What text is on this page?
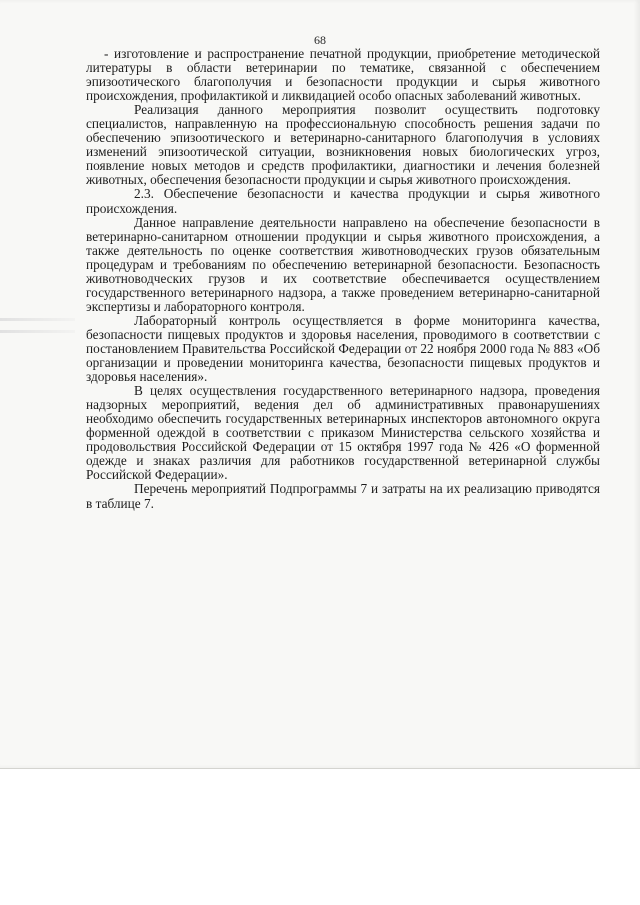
68

- изготовление и распространение печатной продукции, приобретение методической литературы в области ветеринарии по тематике, связанной с обеспечением эпизоотического благополучия и безопасности продукции и сырья животного происхождения, профилактикой и ликвидацией особо опасных заболеваний животных.

Реализация данного мероприятия позволит осуществить подготовку специалистов, направленную на профессиональную способность решения задачи по обеспечению эпизоотического и ветеринарно-санитарного благополучия в условиях изменений эпизоотической ситуации, возникновения новых биологических угроз, появление новых методов и средств профилактики, диагностики и лечения болезней животных, обеспечения безопасности продукции и сырья животного происхождения.

2.3. Обеспечение безопасности и качества продукции и сырья животного происхождения.

Данное направление деятельности направлено на обеспечение безопасности в ветеринарно-санитарном отношении продукции и сырья животного происхождения, а также деятельность по оценке соответствия животноводческих грузов обязательным процедурам и требованиям по обеспечению ветеринарной безопасности. Безопасность животноводческих грузов и их соответствие обеспечивается осуществлением государственного ветеринарного надзора, а также проведением ветеринарно-санитарной экспертизы и лабораторного контроля.

Лабораторный контроль осуществляется в форме мониторинга качества, безопасности пищевых продуктов и здоровья населения, проводимого в соответствии с постановлением Правительства Российской Федерации от 22 ноября 2000 года № 883 «Об организации и проведении мониторинга качества, безопасности пищевых продуктов и здоровья населения».

В целях осуществления государственного ветеринарного надзора, проведения надзорных мероприятий, ведения дел об административных правонарушениях необходимо обеспечить государственных ветеринарных инспекторов автономного округа форменной одеждой в соответствии с приказом Министерства сельского хозяйства и продовольствия Российской Федерации от 15 октября 1997 года № 426 «О форменной одежде и знаках различия для работников государственной ветеринарной службы Российской Федерации».

Перечень мероприятий Подпрограммы 7 и затраты на их реализацию приводятся в таблице 7.
